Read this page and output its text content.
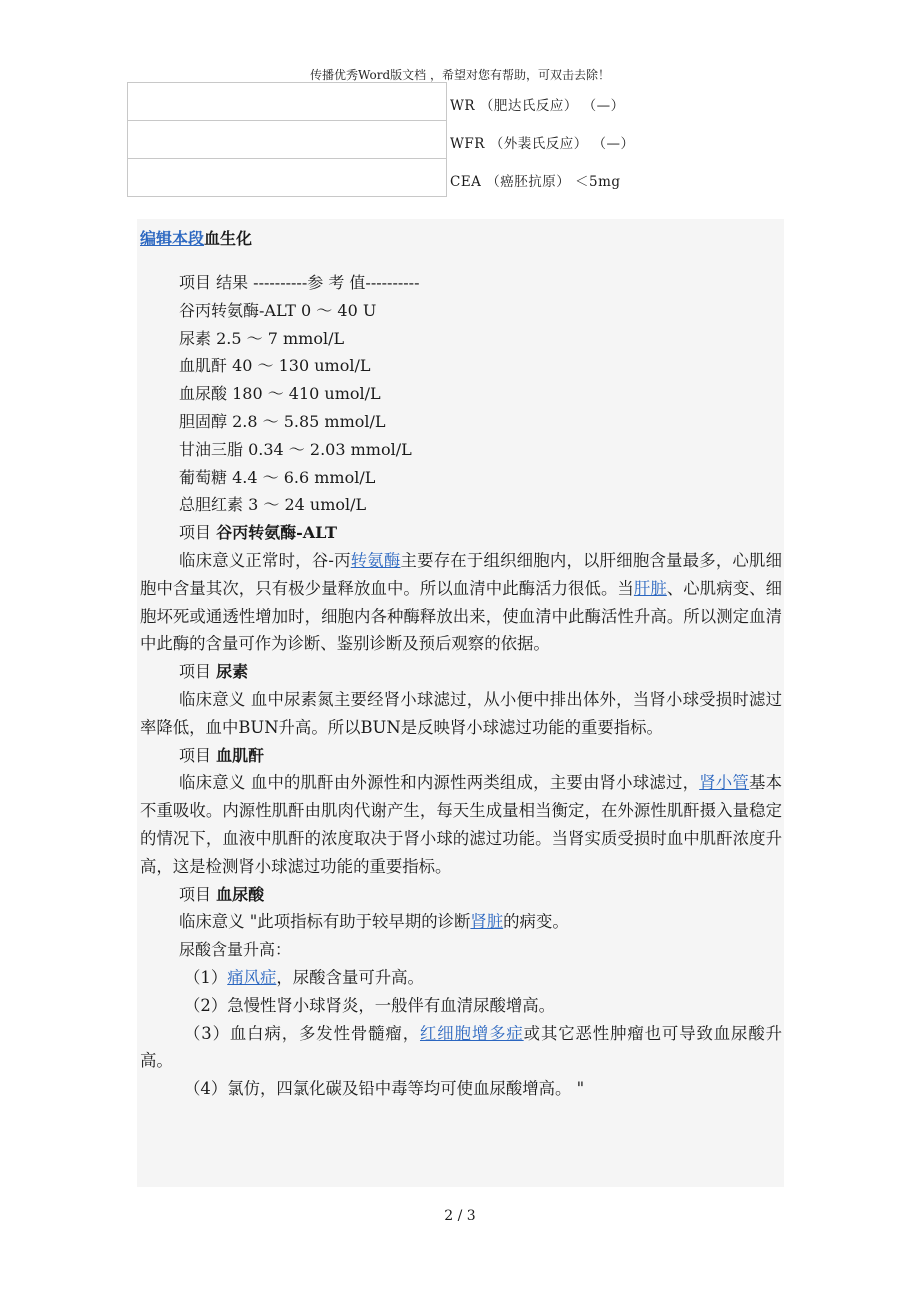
传播优秀Word版文档 ，希望对您有帮助，可双击去除！
WR （肥达氏反应） （—）
WFR （外裴氏反应） （—）
CEA （癌胚抗原） ＜5mg
编辑本段血生化
项目 结果 ----------参 考 值----------
谷丙转氨酶-ALT 0 ～ 40 U
尿素 2.5 ～ 7 mmol/L
血肌酐 40 ～ 130 umol/L
血尿酸 180 ～ 410 umol/L
胆固醇 2.8 ～ 5.85 mmol/L
甘油三脂 0.34 ～ 2.03 mmol/L
葡萄糖 4.4 ～ 6.6 mmol/L
总胆红素 3 ～ 24 umol/L
项目 谷丙转氨酶-ALT
临床意义正常时，谷-丙转氨酶主要存在于组织细胞内，以肝细胞含量最多，心肌细胞中含量其次，只有极少量释放血中。所以血清中此酶活力很低。当肝脏、心肌病变、细胞坏死或通透性增加时，细胞内各种酶释放出来，使血清中此酶活性升高。所以测定血清中此酶的含量可作为诊断、鉴别诊断及预后观察的依据。
项目 尿素
临床意义 血中尿素氮主要经肾小球滤过，从小便中排出体外，当肾小球受损时滤过率降低，血中BUN升高。所以BUN是反映肾小球滤过功能的重要指标。
项目 血肌酐
临床意义 血中的肌酐由外源性和内源性两类组成，主要由肾小球滤过，肾小管基本不重吸收。内源性肌酐由肌肉代谢产生，每天生成量相当衡定，在外源性肌酐摄入量稳定的情况下，血液中肌酐的浓度取决于肾小球的滤过功能。当肾实质受损时血中肌酐浓度升高，这是检测肾小球滤过功能的重要指标。
项目 血尿酸
临床意义 "此项指标有助于较早期的诊断肾脏的病变。
尿酸含量升高：
（1）痛风症，尿酸含量可升高。
（2）急慢性肾小球肾炎，一般伴有血清尿酸增高。
（3）血白病，多发性骨髓瘤，红细胞增多症或其它恶性肿瘤也可导致血尿酸升高。
（4）氯仿，四氯化碳及铅中毒等均可使血尿酸增高。 "
2 / 3
